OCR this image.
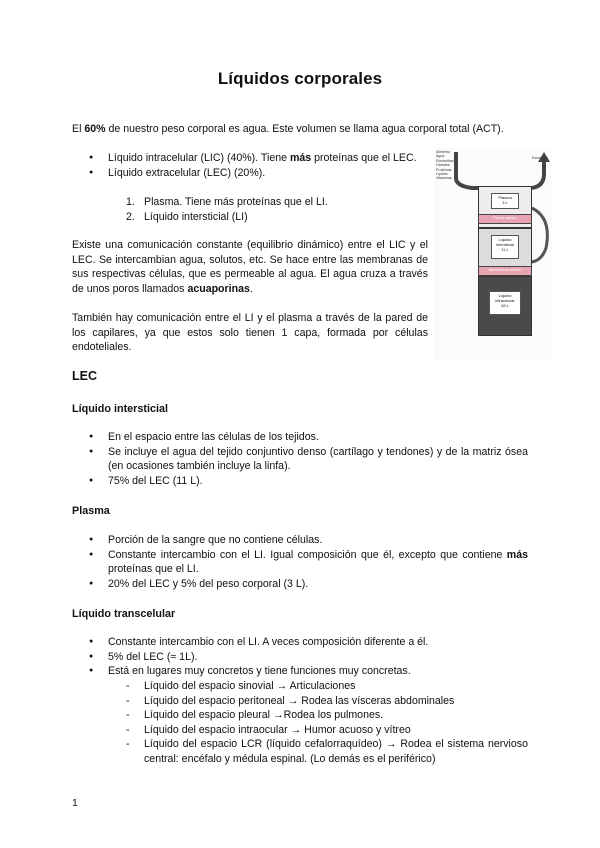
Líquidos corporales

El 60% de nuestro peso corporal es agua. Este volumen se llama agua corporal total (ACT).

● Líquido intracelular (LIC) (40%). Tiene más proteínas que el LEC.
● Líquido extracelular (LEC) (20%).
1. Plasma. Tiene más proteínas que el LI.
2. Líquido intersticial (LI)

Existe una comunicación constante (equilibrio dinámico) entre el LIC y el LEC. Se intercambian agua, solutos, etc. Se hace entre las membranas de sus respectivas células, que es permeable al agua. El agua cruza a través de unos poros llamados acuaporinas.

También hay comunicación entre el LI y el plasma a través de la pared de los capilares, ya que estos solo tienen 1 capa, formada por células endoteliales.

Alimento
Agua
Electrolitos
Hídratos
Proteínas
Lípidos
Vitaminas
Excreción
Plasma
3 L
Pared capilar
Líquido
intersticial
11 L
Membrana celular
Líquido
intracelular
28 L

LEC

Líquido intersticial

● En el espacio entre las células de los tejidos.
● Se incluye el agua del tejido conjuntivo denso (cartílago y tendones) y de la matriz ósea (en ocasiones también incluye la linfa).
● 75% del LEC (11 L).

Plasma

● Porción de la sangre que no contiene células.
● Constante intercambio con el LI. Igual composición que él, excepto que contiene más proteínas que el LI.
● 20% del LEC y 5% del peso corporal (3 L).

Líquido transcelular

● Constante intercambio con el LI. A veces composición diferente a él.
● 5% del LEC (≈ 1L).
● Está en lugares muy concretos y tiene funciones muy concretas.
- Líquido del espacio sinovial → Articulaciones
- Líquido del espacio peritoneal → Rodea las vísceras abdominales
- Líquido del espacio pleural →Rodea los pulmones.
- Líquido del espacio intraocular → Humor acuoso y vítreo
- Líquido del espacio LCR (líquido cefalorraquídeo) → Rodea el sistema nervioso central: encéfalo y médula espinal. (Lo demás es el periférico)
1
